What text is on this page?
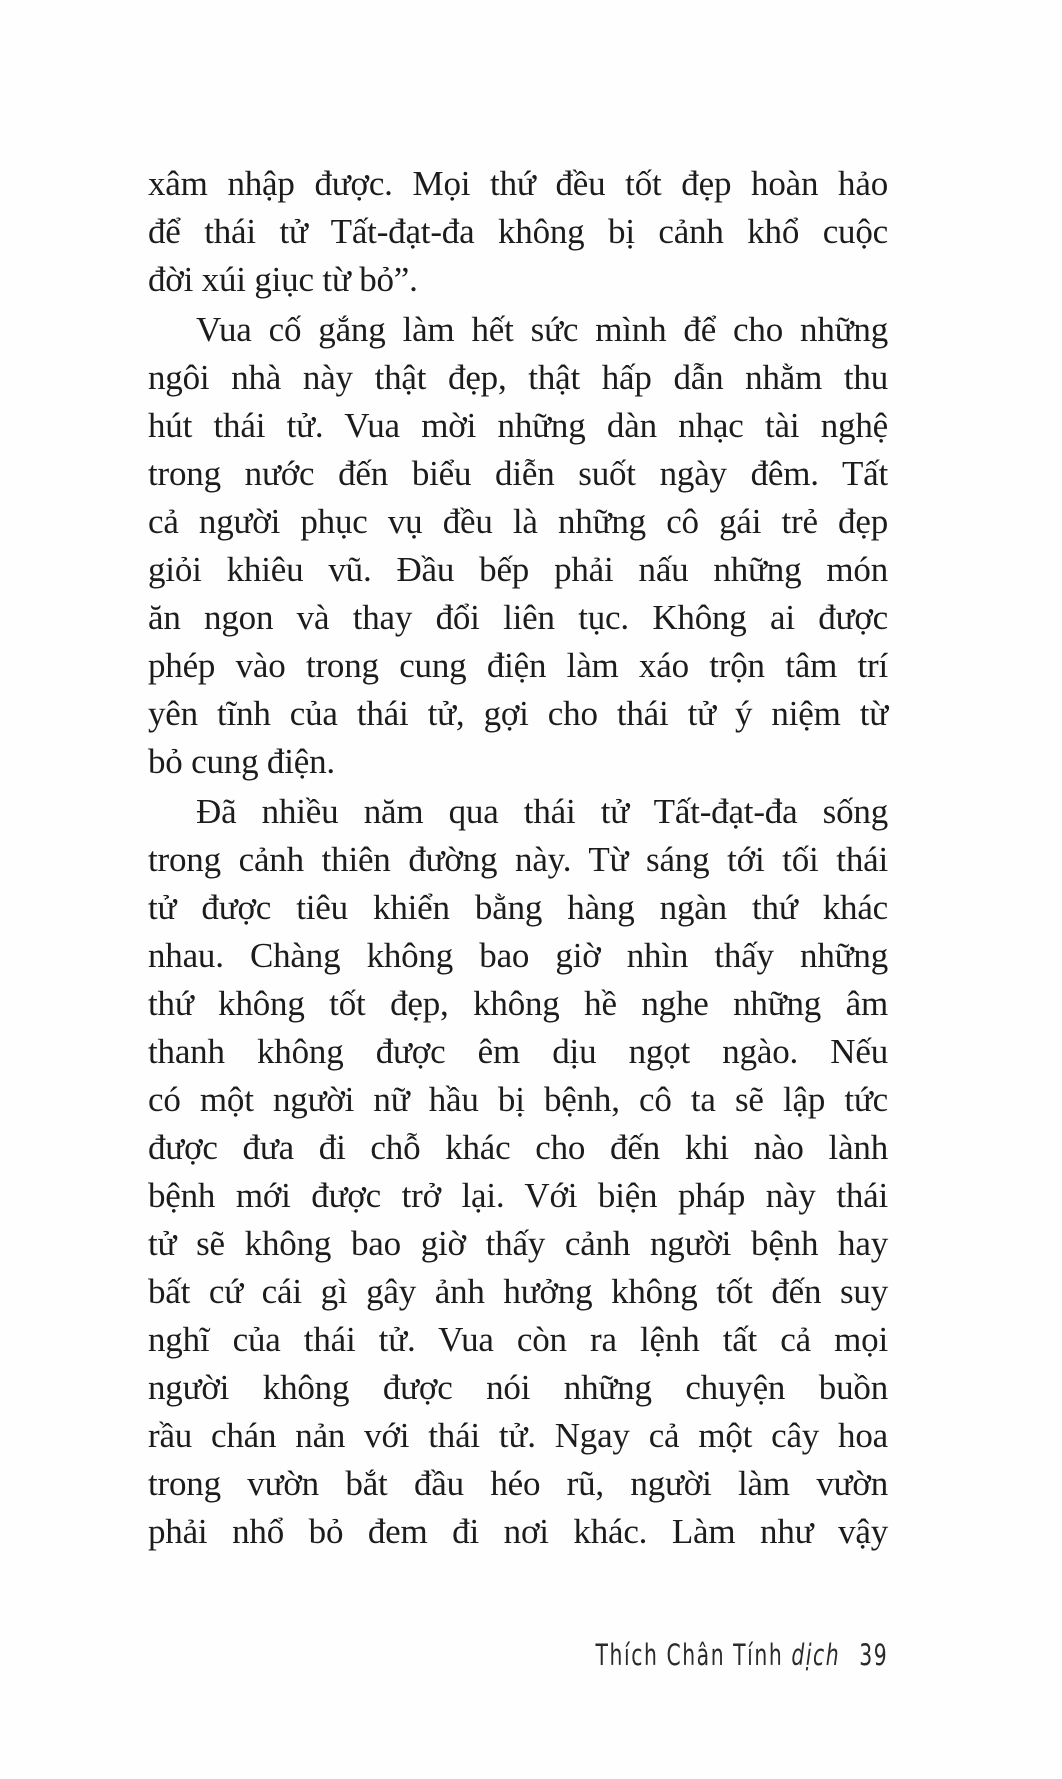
xâm nhập được. Mọi thứ đều tốt đẹp hoàn hảo
để thái tử Tất-đạt-đa không bị cảnh khổ cuộc
đời xúi giục từ bỏ”.

Vua cố gắng làm hết sức mình để cho những
ngôi nhà này thật đẹp, thật hấp dẫn nhằm thu
hút thái tử. Vua mời những dàn nhạc tài nghệ
trong nước đến biểu diễn suốt ngày đêm. Tất
cả người phục vụ đều là những cô gái trẻ đẹp
giỏi khiêu vũ. Đầu bếp phải nấu những món
ăn ngon và thay đổi liên tục. Không ai được
phép vào trong cung điện làm xáo trộn tâm trí
yên tĩnh của thái tử, gợi cho thái tử ý niệm từ
bỏ cung điện.

Đã nhiều năm qua thái tử Tất-đạt-đa sống
trong cảnh thiên đường này. Từ sáng tới tối thái
tử được tiêu khiển bằng hàng ngàn thứ khác
nhau. Chàng không bao giờ nhìn thấy những
thứ không tốt đẹp, không hề nghe những âm
thanh không được êm dịu ngọt ngào. Nếu
có một người nữ hầu bị bệnh, cô ta sẽ lập tức
được đưa đi chỗ khác cho đến khi nào lành
bệnh mới được trở lại. Với biện pháp này thái
tử sẽ không bao giờ thấy cảnh người bệnh hay
bất cứ cái gì gây ảnh hưởng không tốt đến suy
nghĩ của thái tử. Vua còn ra lệnh tất cả mọi
người không được nói những chuyện buồn
rầu chán nản với thái tử. Ngay cả một cây hoa
trong vườn bắt đầu héo rũ, người làm vườn
phải nhổ bỏ đem đi nơi khác. Làm như vậy

Thích Chân Tính dịch 39
